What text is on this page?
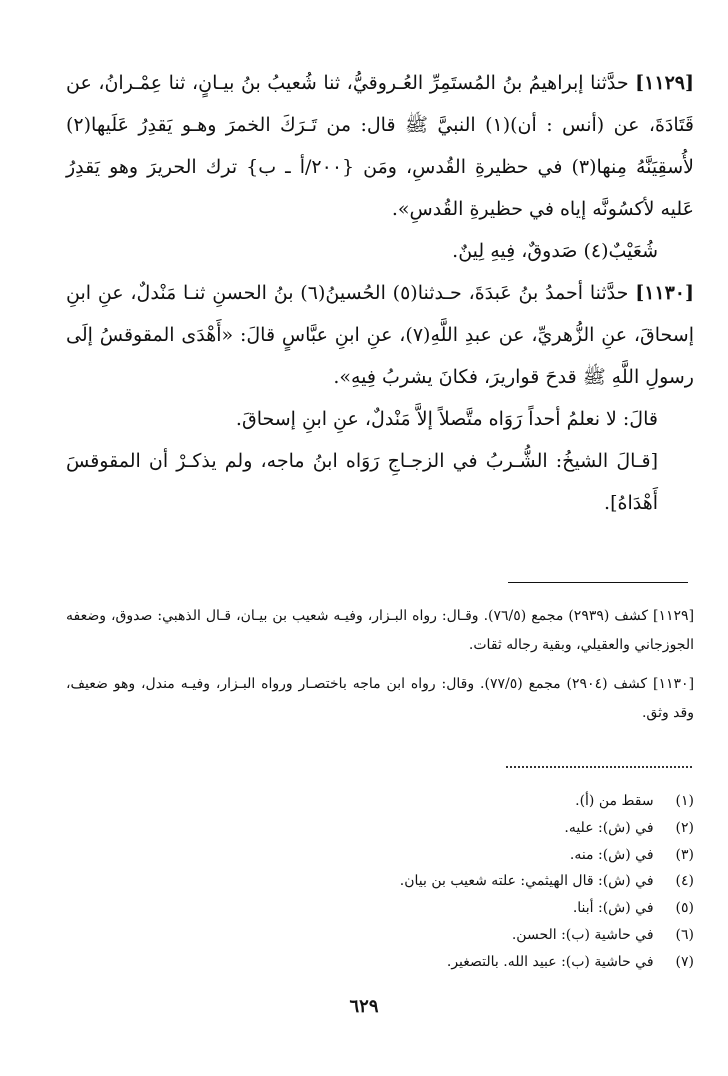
[١١٢٩] حدَّثنا إبراهيمُ بنُ المُستَمِرِّ العُـروقيُّ، ثنا شُعيبُ بنُ بيـانٍ، ثنا عِمْـرانُ، عن قَتَادَةَ، عن (أنس : أن)(١) النبيَّ ﷺ قال: من تَـرَكَ الخمرَ وهـو يَقدِرُ عَلَيها(٢) لأُسقِيَنَّهُ مِنها(٣) في حظيرةِ القُدسِ، ومَن {٢٠٠/أ ـ ب} ترك الحريرَ وهو يَقدِرُ عَليه لأكسُونَّه إياه في حظيرةِ القُدسِ».

شُعَيْبٌ(٤) صَدوقٌ، فِيهِ لِينٌ.

[١١٣٠] حدَّثنا أحمدُ بنُ عَبدَةَ، حـدثنا(٥) الحُسينُ(٦) بنُ الحسنِ ثنـا مَنْدلٌ، عنِ ابنِ إسحاقَ، عنِ الزُّهريِّ، عن عبدِ اللَّهِ(٧)، عنِ ابنِ عبَّاسٍ قالَ: «أَهْدَى المقوقسُ إلَى رسولِ اللَّهِ ﷺ قدحَ قواريرَ، فكانَ يشربُ فِيهِ».

قالَ: لا نعلمُ أحداً رَوَاه متَّصلاً إلاَّ مَنْدلٌ، عنِ ابنِ إسحاقَ.

[قـالَ الشيخُ: الشُّـربُ في الزجـاجِ رَوَاه ابنُ ماجه، ولم يذكـرْ أن المقوقسَ أَهْدَاهُ].

[١١٢٩] كشف (٢٩٣٩) مجمع (٧٦/٥). وقـال: رواه البـزار، وفيـه شعيب بن بيـان، قـال الذهبي: صدوق، وضعفه الجوزجاني والعقيلي، وبقية رجاله ثقات.

[١١٣٠] كشف (٢٩٠٤) مجمع (٧٧/٥). وقال: رواه ابن ماجه باختصـار ورواه البـزار، وفيـه مندل، وهو ضعيف، وقد وثق.

(١) سقط من (أ).
(٢) في (ش): عليه.
(٣) في (ش): منه.
(٤) في (ش): قال الهيثمي: علته شعيب بن بيان.
(٥) في (ش): أبنا.
(٦) في حاشية (ب): الحسن.
(٧) في حاشية (ب): عبيد الله. بالتصغير.
٦٢٩
